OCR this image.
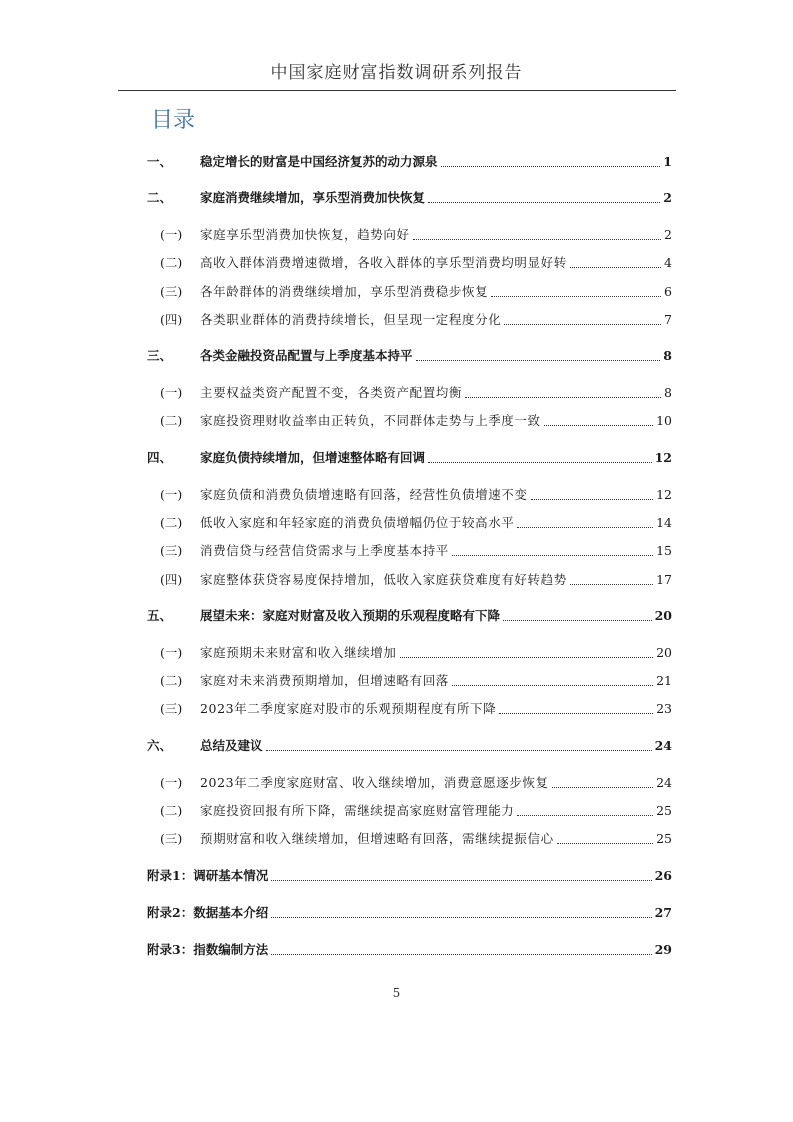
中国家庭财富指数调研系列报告
目录
一、 稳定增长的财富是中国经济复苏的动力源泉	1
二、 家庭消费继续增加，享乐型消费加快恢复	2
(一) 家庭享乐型消费加快恢复，趋势向好	2
(二) 高收入群体消费增速微增，各收入群体的享乐型消费均明显好转	4
(三) 各年龄群体的消费继续增加，享乐型消费稳步恢复	6
(四) 各类职业群体的消费持续增长，但呈现一定程度分化	7
三、 各类金融投资品配置与上季度基本持平	8
(一) 主要权益类资产配置不变，各类资产配置均衡	8
(二) 家庭投资理财收益率由正转负，不同群体走势与上季度一致	10
四、 家庭负债持续增加，但增速整体略有回调	12
(一) 家庭负债和消费负债增速略有回落，经营性负债增速不变	12
(二) 低收入家庭和年轻家庭的消费负债增幅仍位于较高水平	14
(三) 消费信贷与经营信贷需求与上季度基本持平	15
(四) 家庭整体获贷容易度保持增加，低收入家庭获贷难度有好转趋势	17
五、 展望未来：家庭对财富及收入预期的乐观程度略有下降	20
(一) 家庭预期未来财富和收入继续增加	20
(二) 家庭对未来消费预期增加，但增速略有回落	21
(三) 2023年二季度家庭对股市的乐观预期程度有所下降	23
六、 总结及建议	24
(一) 2023年二季度家庭财富、收入继续增加，消费意愿逐步恢复	24
(二) 家庭投资回报有所下降，需继续提高家庭财富管理能力	25
(三) 预期财富和收入继续增加，但增速略有回落，需继续提振信心	25
附录1：调研基本情况	26
附录2：数据基本介绍	27
附录3：指数编制方法	29
5
